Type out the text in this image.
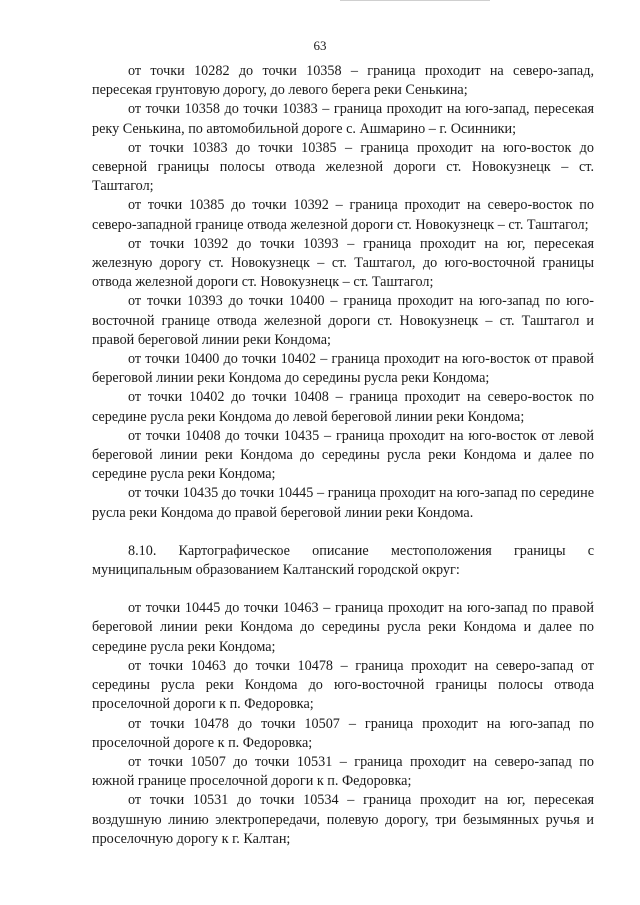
63

от точки 10282 до точки 10358 – граница проходит на северо-запад, пересекая грунтовую дорогу, до левого берега реки Сенькина;

от точки 10358 до точки 10383 – граница проходит на юго-запад, пересекая реку Сенькина, по автомобильной дороге с. Ашмарино – г. Осинники;

от точки 10383 до точки 10385 – граница проходит на юго-восток до северной границы полосы отвода железной дороги ст. Новокузнецк – ст. Таштагол;

от точки 10385 до точки 10392 – граница проходит на северо-восток по северо-западной границе отвода железной дороги ст. Новокузнецк – ст. Таштагол;

от точки 10392 до точки 10393 – граница проходит на юг, пересекая железную дорогу ст. Новокузнецк – ст. Таштагол, до юго-восточной границы отвода железной дороги ст. Новокузнецк – ст. Таштагол;

от точки 10393 до точки 10400 – граница проходит на юго-запад по юго-восточной границе отвода железной дороги ст. Новокузнецк – ст. Таштагол и правой береговой линии реки Кондома;

от точки 10400 до точки 10402 – граница проходит на юго-восток от правой береговой линии реки Кондома до середины русла реки Кондома;

от точки 10402 до точки 10408 – граница проходит на северо-восток по середине русла реки Кондома до левой береговой линии реки Кондома;

от точки 10408 до точки 10435 – граница проходит на юго-восток от левой береговой линии реки Кондома до середины русла реки Кондома и далее по середине русла реки Кондома;

от точки 10435 до точки 10445 – граница проходит на юго-запад по середине русла реки Кондома до правой береговой линии реки Кондома.

8.10. Картографическое описание местоположения границы с муниципальным образованием Калтанский городской округ:

от точки 10445 до точки 10463 – граница проходит на юго-запад по правой береговой линии реки Кондома до середины русла реки Кондома и далее по середине русла реки Кондома;

от точки 10463 до точки 10478 – граница проходит на северо-запад от середины русла реки Кондома до юго-восточной границы полосы отвода проселочной дороги к п. Федоровка;

от точки 10478 до точки 10507 – граница проходит на юго-запад по проселочной дороге к п. Федоровка;

от точки 10507 до точки 10531 – граница проходит на северо-запад по южной границе проселочной дороги к п. Федоровка;

от точки 10531 до точки 10534 – граница проходит на юг, пересекая воздушную линию электропередачи, полевую дорогу, три безымянных ручья и проселочную дорогу к г. Калтан;
